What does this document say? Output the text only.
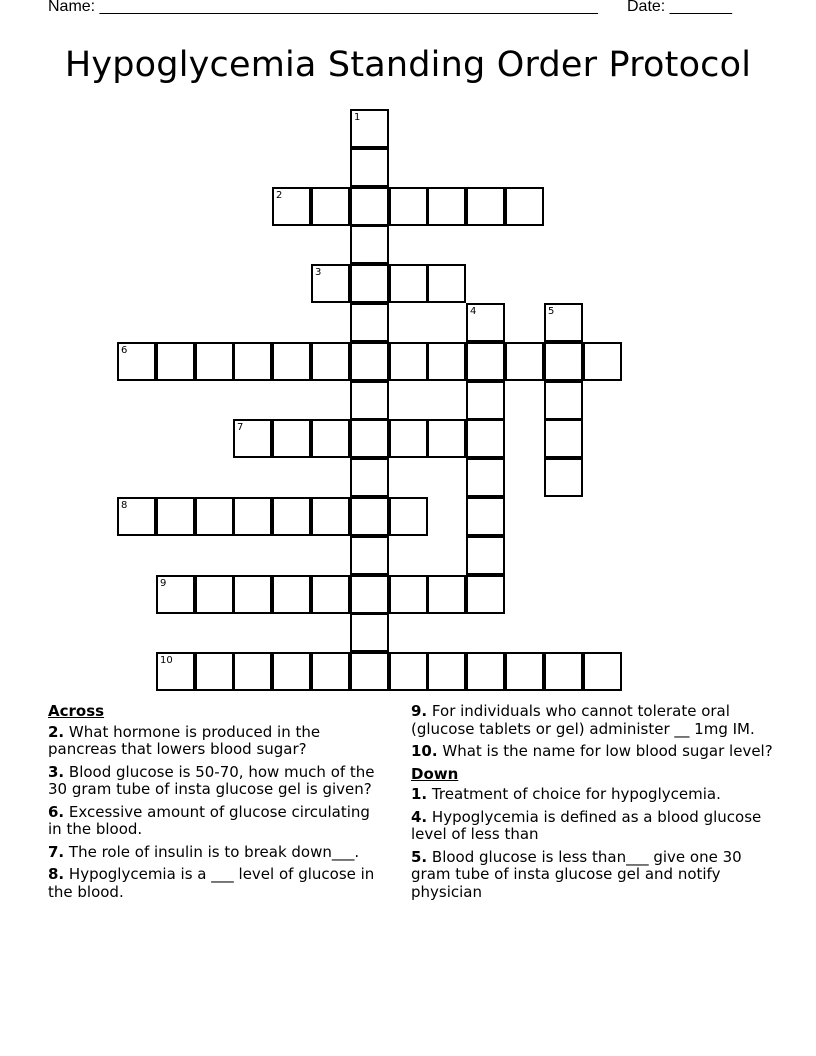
Name: ________________________________________________________ Date: _______
Hypoglycemia Standing Order Protocol
2
3
6
7
8
9
10
1
4	5
Across
2. What hormone is produced in the pancreas that lowers blood sugar?
3. Blood glucose is 50-70, how much of the 30 gram tube of insta glucose gel is given?
6. Excessive amount of glucose circulating in the blood.
7. The role of insulin is to break down___.
8. Hypoglycemia is a ___ level of glucose in the blood.
9. For individuals who cannot tolerate oral (glucose tablets or gel) administer __ 1mg IM.
10. What is the name for low blood sugar level?
Down
1. Treatment of choice for hypoglycemia.
4. Hypoglycemia is defined as a blood glucose level of less than
5. Blood glucose is less than___ give one 30 gram tube of insta glucose gel and notify physician
